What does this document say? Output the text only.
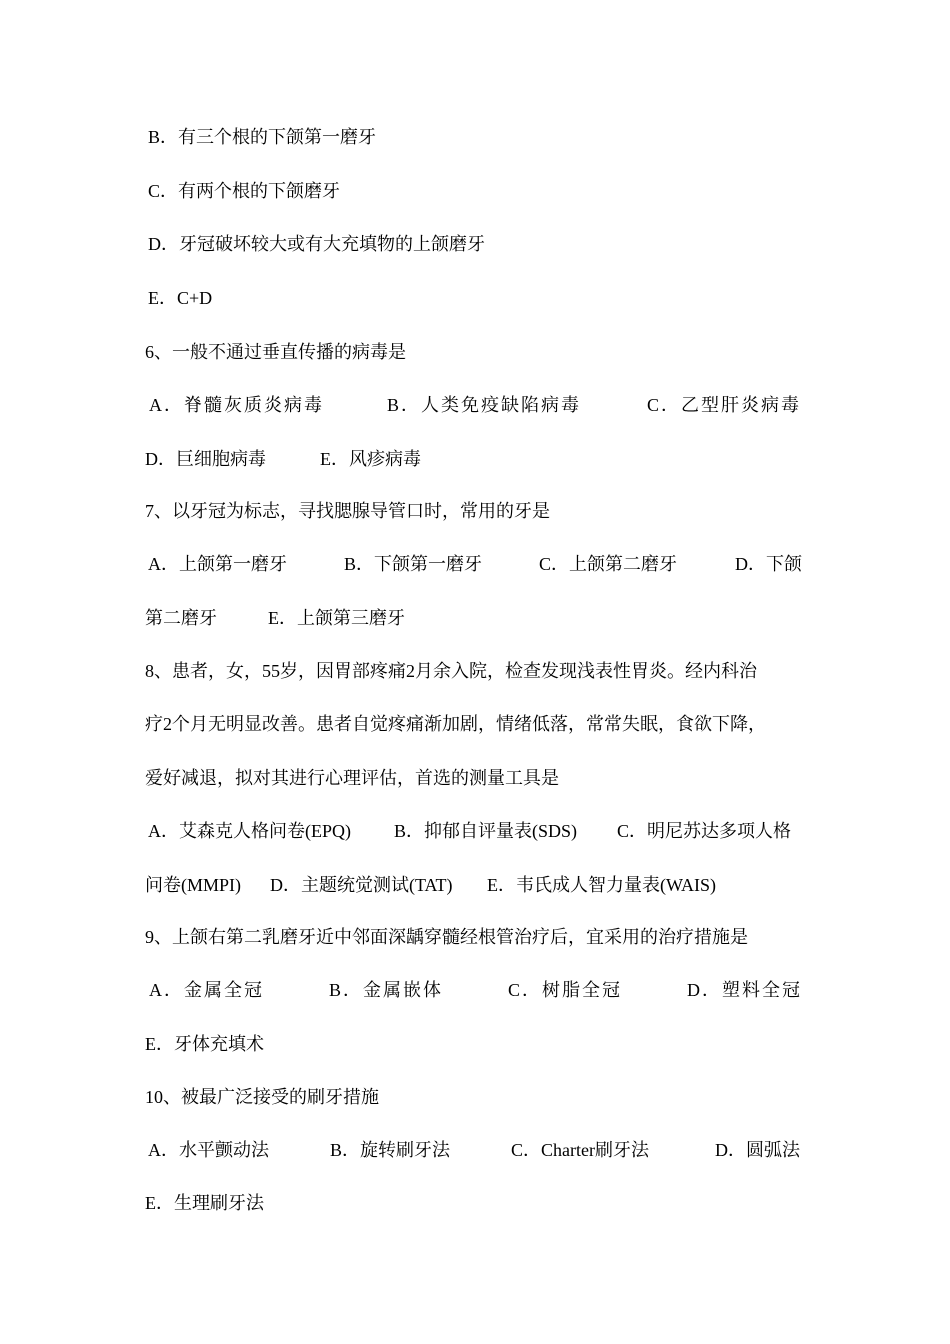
B．有三个根的下颌第一磨牙
C．有两个根的下颌磨牙
D．牙冠破坏较大或有大充填物的上颌磨牙
E．C+D
6、一般不通过垂直传播的病毒是
A．脊髓灰质炎病毒	B．人类免疫缺陷病毒	C．乙型肝炎病毒
D．巨细胞病毒	E．风疹病毒
7、以牙冠为标志，寻找腮腺导管口时，常用的牙是
A．上颌第一磨牙	B．下颌第一磨牙	C．上颌第二磨牙	D．下颌
第二磨牙	E．上颌第三磨牙
8、患者，女，55岁，因胃部疼痛2月余入院，检查发现浅表性胃炎。经内科治
疗2个月无明显改善。患者自觉疼痛渐加剧，情绪低落，常常失眠，食欲下降，
爱好减退，拟对其进行心理评估，首选的测量工具是
A．艾森克人格问卷(EPQ) B．抑郁自评量表(SDS) C．明尼苏达多项人格
问卷(MMPI) D．主题统觉测试(TAT) E．韦氏成人智力量表(WAIS)
9、上颌右第二乳磨牙近中邻面深龋穿髓经根管治疗后，宜采用的治疗措施是
A．金属全冠	B．金属嵌体	C．树脂全冠	D．塑料全冠
E．牙体充填术
10、被最广泛接受的刷牙措施
A．水平颤动法	B．旋转刷牙法	C．Charter刷牙法	D．圆弧法
E．生理刷牙法
